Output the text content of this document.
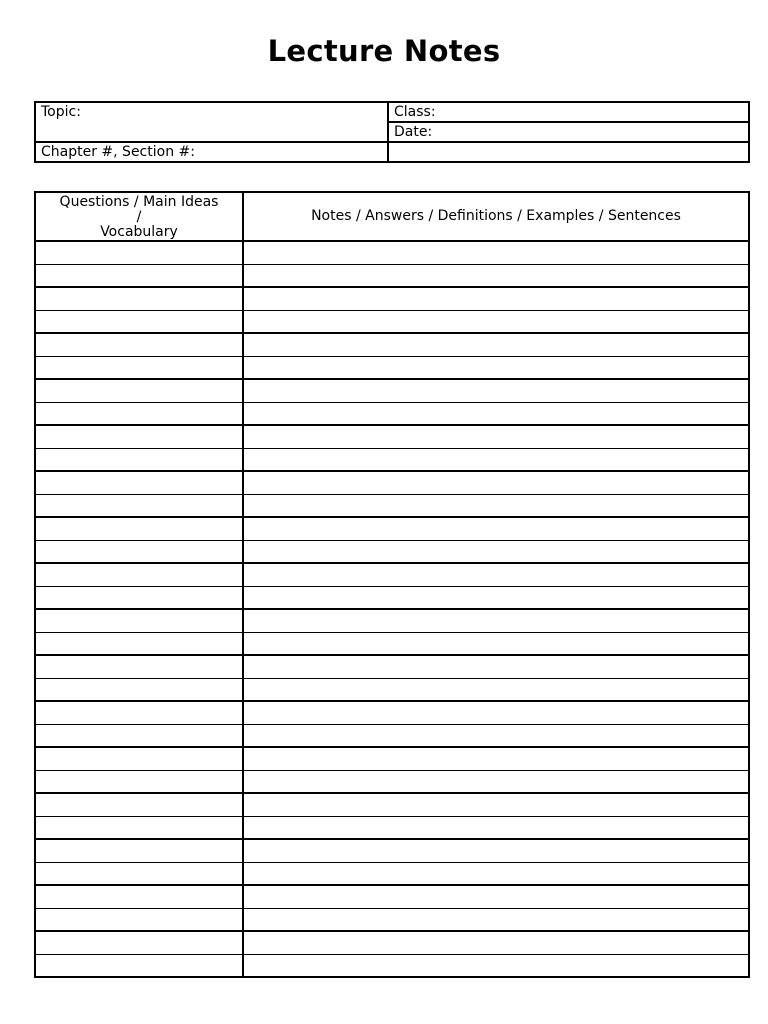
Lecture Notes
Topic:	Class:
	Date:
Chapter #, Section #:	
Questions / Main Ideas
/
Vocabulary	Notes / Answers / Definitions / Examples / Sentences
